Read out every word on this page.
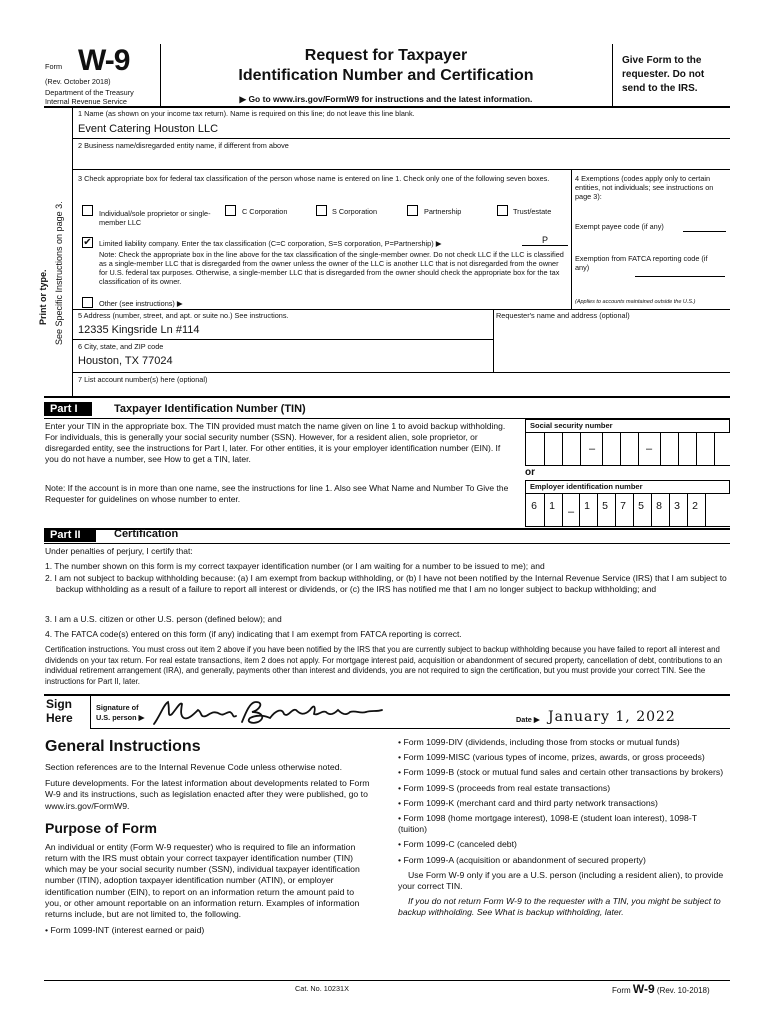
Form W-9
(Rev. October 2018)
Department of the Treasury
Internal Revenue Service
Request for Taxpayer
Identification Number and Certification
▶ Go to www.irs.gov/FormW9 for instructions and the latest information.
Give Form to the requester. Do not send to the IRS.
Print or type. See Specific Instructions on page 3.
1 Name (as shown on your income tax return). Name is required on this line; do not leave this line blank.
Event Catering Houston LLC
2 Business name/disregarded entity name, if different from above
3 Check appropriate box for federal tax classification of the person whose name is entered on line 1. Check only one of the following seven boxes.
Individual/sole proprietor or single-member LLC
C Corporation	S Corporation	Partnership	Trust/estate
✔ Limited liability company. Enter the tax classification (C=C corporation, S=S corporation, P=Partnership) ▶	P
Note: Check the appropriate box in the line above for the tax classification of the single-member owner. Do not check LLC if the LLC is classified as a single-member LLC that is disregarded from the owner unless the owner of the LLC is another LLC that is not disregarded from the owner for U.S. federal tax purposes. Otherwise, a single-member LLC that is disregarded from the owner should check the appropriate box for the tax classification of its owner.
Other (see instructions) ▶
4 Exemptions (codes apply only to certain entities, not individuals; see instructions on page 3):
Exempt payee code (if any)
Exemption from FATCA reporting code (if any)
(Applies to accounts maintained outside the U.S.)
5 Address (number, street, and apt. or suite no.) See instructions.
12335 Kingsride Ln #114
Requester's name and address (optional)
6 City, state, and ZIP code
Houston, TX 77024
7 List account number(s) here (optional)
Part I	Taxpayer Identification Number (TIN)
Enter your TIN in the appropriate box. The TIN provided must match the name given on line 1 to avoid backup withholding. For individuals, this is generally your social security number (SSN). However, for a resident alien, sole proprietor, or disregarded entity, see the instructions for Part I, later. For other entities, it is your employer identification number (EIN). If you do not have a number, see How to get a TIN, later.
Note: If the account is in more than one name, see the instructions for line 1. Also see What Name and Number To Give the Requester for guidelines on whose number to enter.
Social security number
–	–
or
Employer identification number
–
6	1	1	5	7	5	8	3	2
Part II	Certification
Under penalties of perjury, I certify that:
1. The number shown on this form is my correct taxpayer identification number (or I am waiting for a number to be issued to me); and
2. I am not subject to backup withholding because: (a) I am exempt from backup withholding, or (b) I have not been notified by the Internal Revenue Service (IRS) that I am subject to backup withholding as a result of a failure to report all interest or dividends, or (c) the IRS has notified me that I am no longer subject to backup withholding; and
3. I am a U.S. citizen or other U.S. person (defined below); and
4. The FATCA code(s) entered on this form (if any) indicating that I am exempt from FATCA reporting is correct.
Certification instructions. You must cross out item 2 above if you have been notified by the IRS that you are currently subject to backup withholding because you have failed to report all interest and dividends on your tax return. For real estate transactions, item 2 does not apply. For mortgage interest paid, acquisition or abandonment of secured property, cancellation of debt, contributions to an individual retirement arrangement (IRA), and generally, payments other than interest and dividends, you are not required to sign the certification, but you must provide your correct TIN. See the instructions for Part II, later.
Sign
Here
Signature of
U.S. person ▶	Date ▶ January 1, 2022
General Instructions

Section references are to the Internal Revenue Code unless otherwise noted.

Future developments. For the latest information about developments related to Form W-9 and its instructions, such as legislation enacted after they were published, go to www.irs.gov/FormW9.

Purpose of Form

An individual or entity (Form W-9 requester) who is required to file an information return with the IRS must obtain your correct taxpayer identification number (TIN) which may be your social security number (SSN), individual taxpayer identification number (ITIN), adoption taxpayer identification number (ATIN), or employer identification number (EIN), to report on an information return the amount paid to you, or other amount reportable on an information return. Examples of information returns include, but are not limited to, the following.

• Form 1099-INT (interest earned or paid)

• Form 1099-DIV (dividends, including those from stocks or mutual funds)
• Form 1099-MISC (various types of income, prizes, awards, or gross proceeds)
• Form 1099-B (stock or mutual fund sales and certain other transactions by brokers)
• Form 1099-S (proceeds from real estate transactions)
• Form 1099-K (merchant card and third party network transactions)
• Form 1098 (home mortgage interest), 1098-E (student loan interest), 1098-T (tuition)
• Form 1099-C (canceled debt)
• Form 1099-A (acquisition or abandonment of secured property)
Use Form W-9 only if you are a U.S. person (including a resident alien), to provide your correct TIN.
If you do not return Form W-9 to the requester with a TIN, you might be subject to backup withholding. See What is backup withholding, later.
Cat. No. 10231X	Form W-9 (Rev. 10-2018)
